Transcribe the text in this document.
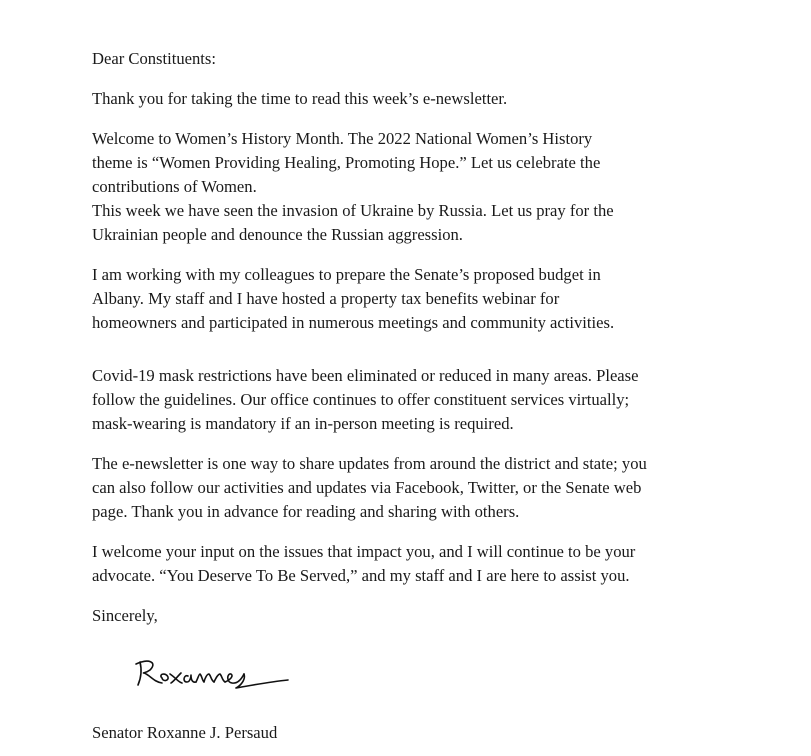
Dear Constituents:

Thank you for taking the time to read this week’s e-newsletter.

Welcome to Women’s History Month. The 2022 National Women’s History
theme is “Women Providing Healing, Promoting Hope.” Let us celebrate the
contributions of Women.
This week we have seen the invasion of Ukraine by Russia. Let us pray for the
Ukrainian people and denounce the Russian aggression.

I am working with my colleagues to prepare the Senate’s proposed budget in
Albany. My staff and I have hosted a property tax benefits webinar for
homeowners and participated in numerous meetings and community activities.

Covid-19 mask restrictions have been eliminated or reduced in many areas. Please
follow the guidelines. Our office continues to offer constituent services virtually;
mask-wearing is mandatory if an in-person meeting is required.

The e-newsletter is one way to share updates from around the district and state; you
can also follow our activities and updates via Facebook, Twitter, or the Senate web
page. Thank you in advance for reading and sharing with others.

I welcome your input on the issues that impact you, and I will continue to be your
advocate. “You Deserve To Be Served,” and my staff and I are here to assist you.

Sincerely,

Senator Roxanne J. Persaud
